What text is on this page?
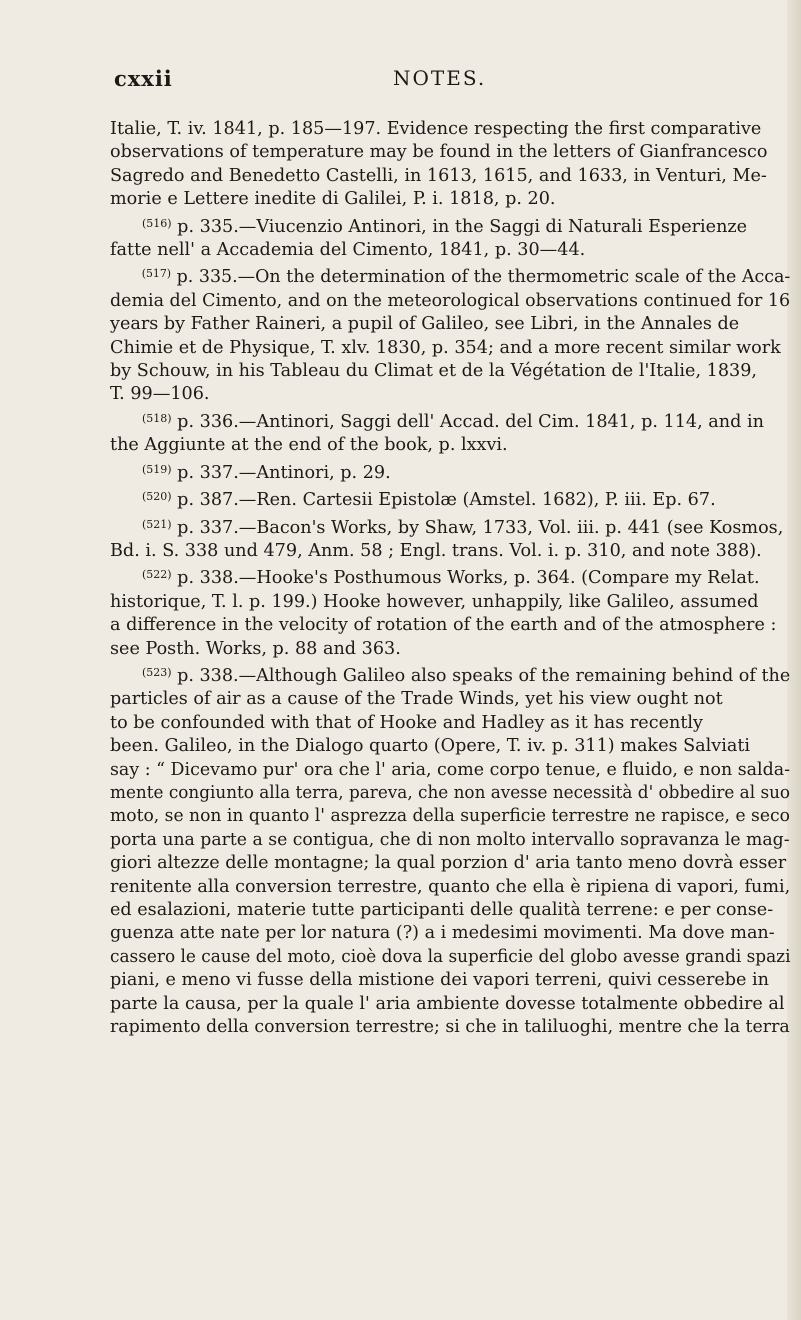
cxxii	NOTES.
Italie, T. iv. 1841, p. 185—197. Evidence respecting the first comparative
observations of temperature may be found in the letters of Gianfrancesco
Sagredo and Benedetto Castelli, in 1613, 1615, and 1633, in Venturi, Me-
morie e Lettere inedite di Galilei, P. i. 1818, p. 20.
$^{(516)}$ p. 335.—Viucenzio Antinori, in the Saggi di Naturali Esperienze
fatte nell' a Accademia del Cimento, 1841, p. 30—44.
$^{(517)}$ p. 335.—On the determination of the thermometric scale of the Acca-
demia del Cimento, and on the meteorological observations continued for 16
years by Father Raineri, a pupil of Galileo, see Libri, in the Annales de
Chimie et de Physique, T. xlv. 1830, p. 354; and a more recent similar work
by Schouw, in his Tableau du Climat et de la Végétation de l'Italie, 1839,
T. 99—106.
$^{(518)}$ p. 336.—Antinori, Saggi dell' Accad. del Cim. 1841, p. 114, and in
the Aggiunte at the end of the book, p. lxxvi.
$^{(519)}$ p. 337.—Antinori, p. 29.
$^{(520)}$ p. 387.—Ren. Cartesii Epistolæ (Amstel. 1682), P. iii. Ep. 67.
$^{(521)}$ p. 337.—Bacon's Works, by Shaw, 1733, Vol. iii. p. 441 (see Kosmos,
Bd. i. S. 338 und 479, Anm. 58 ; Engl. trans. Vol. i. p. 310, and note 388).
$^{(522)}$ p. 338.—Hooke's Posthumous Works, p. 364. (Compare my Relat.
historique, T. l. p. 199.) Hooke however, unhappily, like Galileo, assumed
a difference in the velocity of rotation of the earth and of the atmosphere :
see Posth. Works, p. 88 and 363.
$^{(523)}$ p. 338.—Although Galileo also speaks of the remaining behind of the
particles of air as a cause of the Trade Winds, yet his view ought not
to be confounded with that of Hooke and Hadley as it has recently
been. Galileo, in the Dialogo quarto (Opere, T. iv. p. 311) makes Salviati
say : “ Dicevamo pur' ora che l' aria, come corpo tenue, e fluido, e non salda-
mente congiunto alla terra, pareva, che non avesse necessità d' obbedire al suo
moto, se non in quanto l' asprezza della superficie terrestre ne rapisce, e seco
porta una parte a se contigua, che di non molto intervallo sopravanza le mag-
giori altezze delle montagne; la qual porzion d' aria tanto meno dovrà esser
renitente alla conversion terrestre, quanto che ella è ripiena di vapori, fumi,
ed esalazioni, materie tutte participanti delle qualità terrene: e per conse-
guenza atte nate per lor natura (?) a i medesimi movimenti. Ma dove man-
cassero le cause del moto, cioè dova la superficie del globo avesse grandi spazi
piani, e meno vi fusse della mistione dei vapori terreni, quivi cesserebe in
parte la causa, per la quale l' aria ambiente dovesse totalmente obbedire al
rapimento della conversion terrestre; si che in taliluoghi, mentre che la terra
